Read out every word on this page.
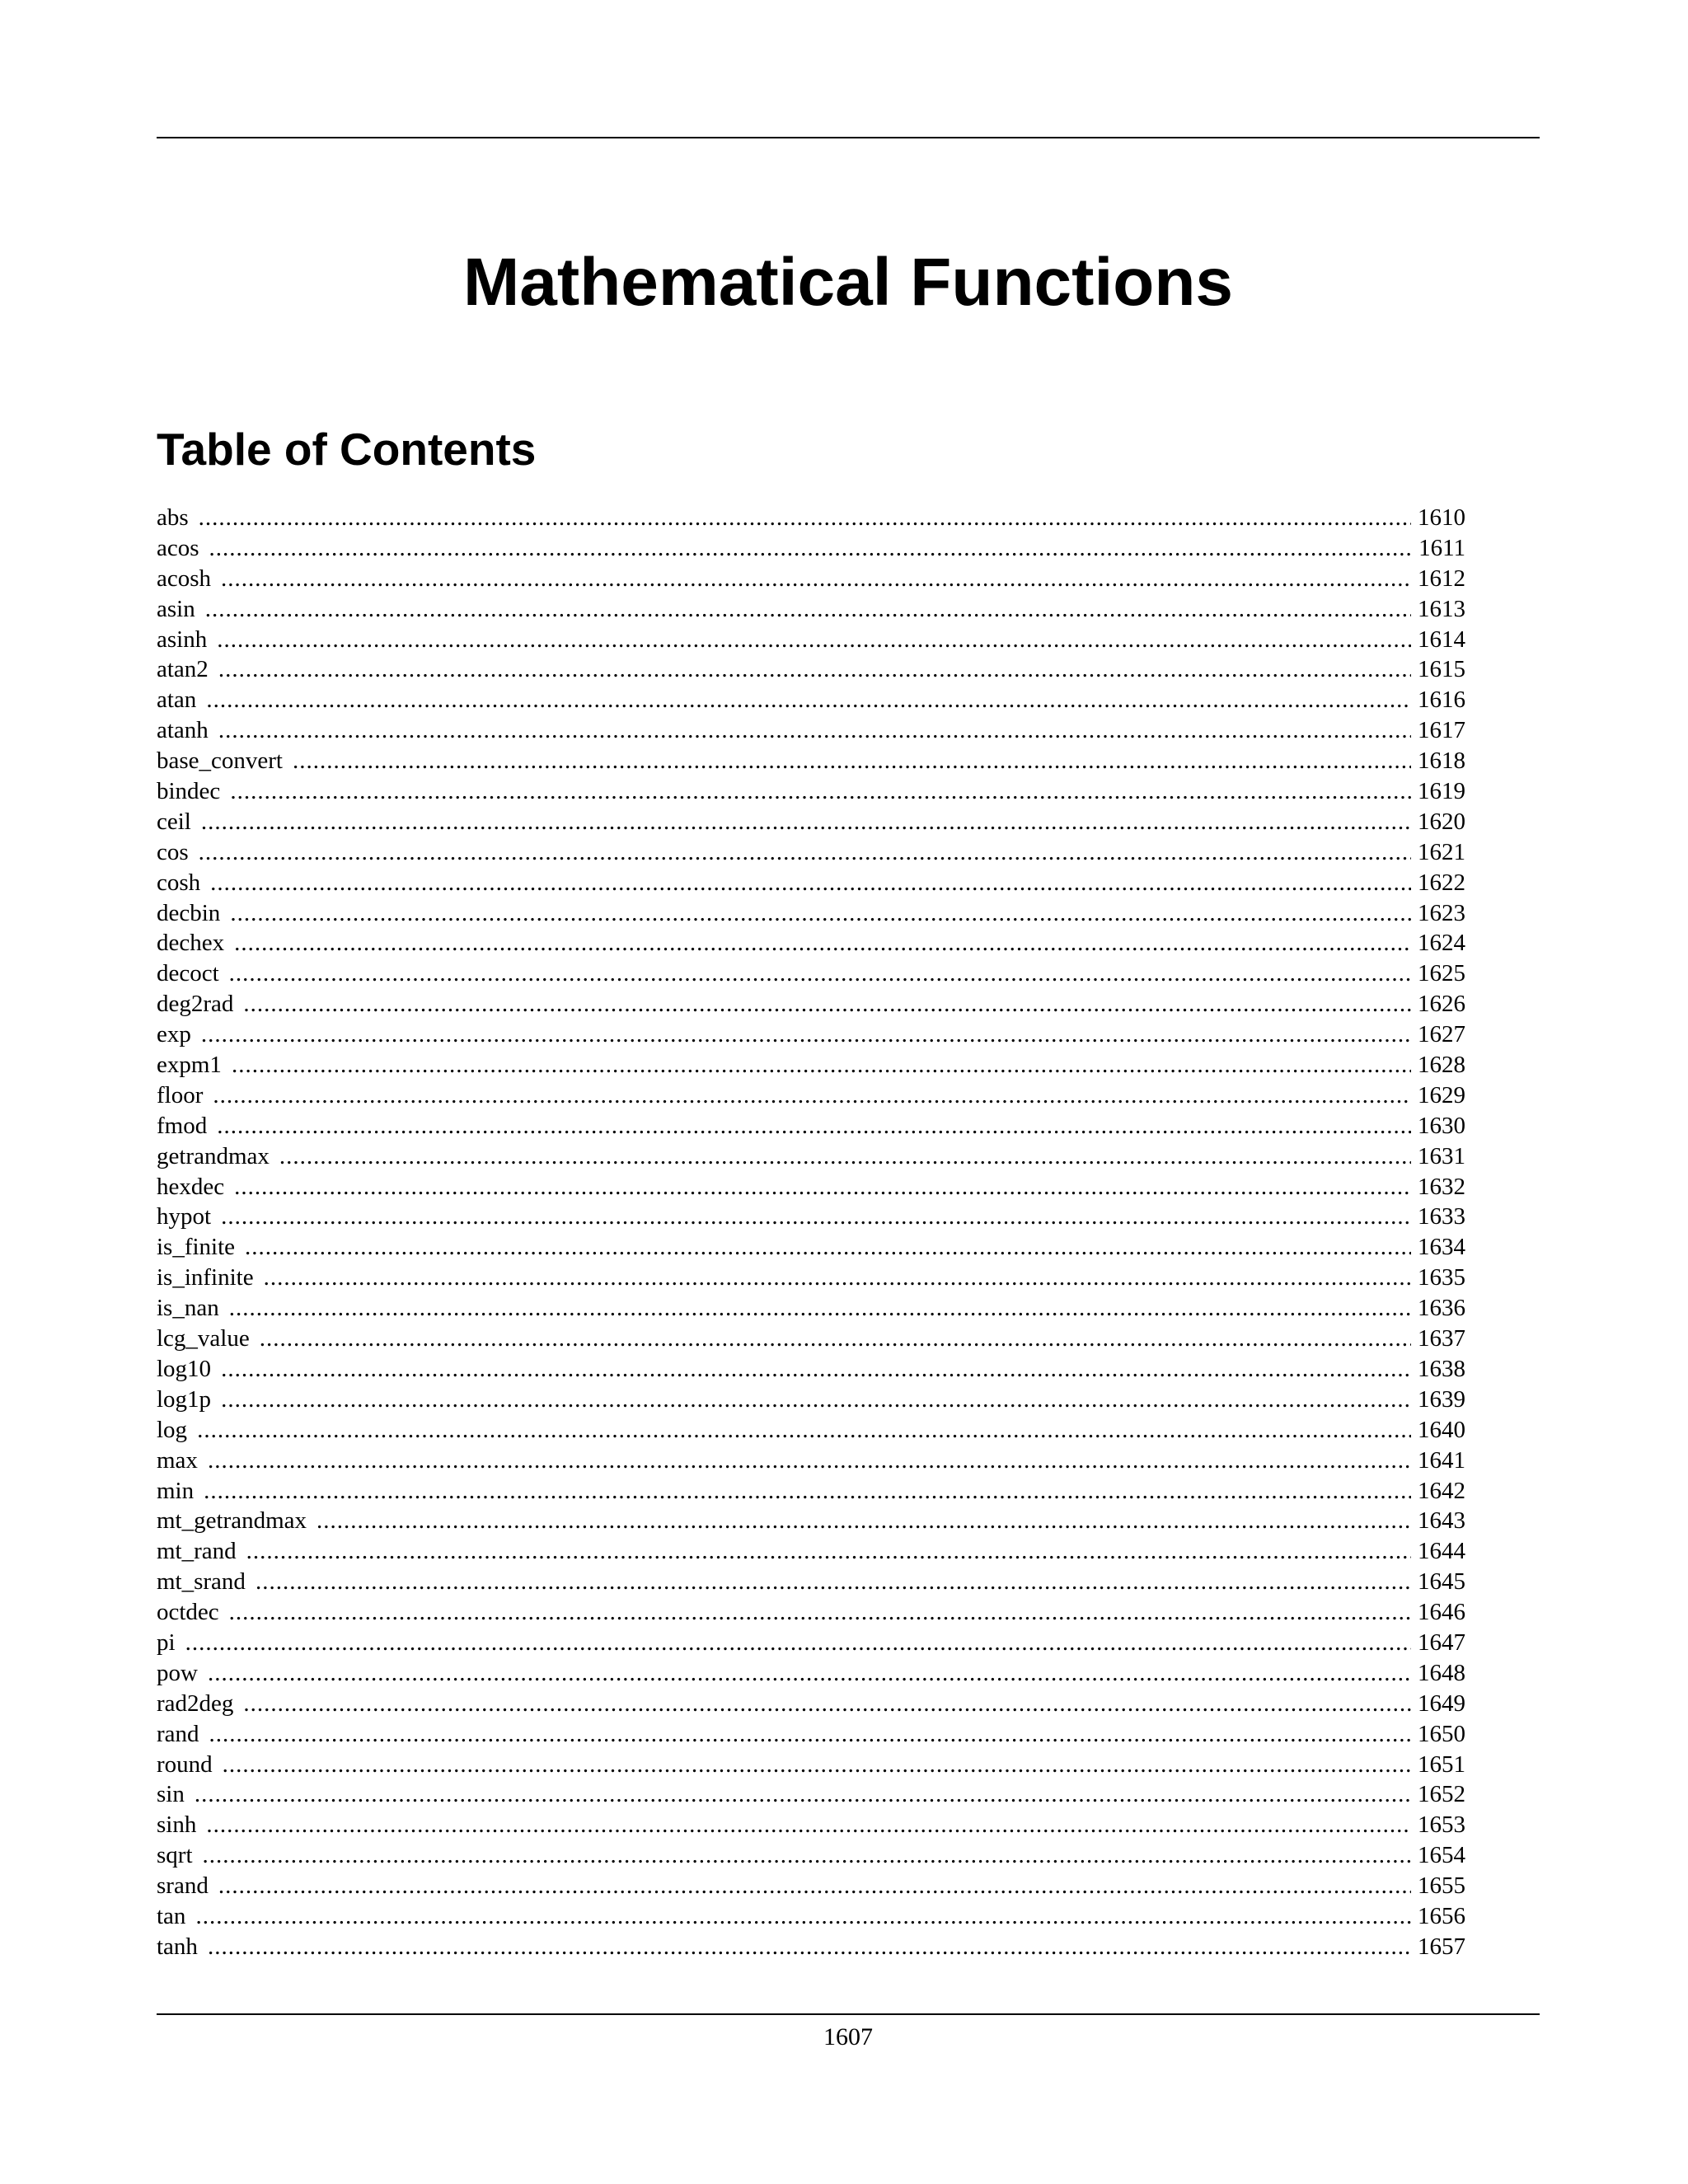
Mathematical Functions
Table of Contents
abs .....	1610
acos .....	1611
acosh .....	1612
asin .....	1613
asinh .....	1614
atan2 .....	1615
atan .....	1616
atanh .....	1617
base_convert .....	1618
bindec .....	1619
ceil .....	1620
cos .....	1621
cosh .....	1622
decbin .....	1623
dechex .....	1624
decoct .....	1625
deg2rad .....	1626
exp .....	1627
expm1 .....	1628
floor .....	1629
fmod .....	1630
getrandmax .....	1631
hexdec .....	1632
hypot .....	1633
is_finite .....	1634
is_infinite .....	1635
is_nan .....	1636
lcg_value .....	1637
log10 .....	1638
log1p .....	1639
log .....	1640
max .....	1641
min .....	1642
mt_getrandmax .....	1643
mt_rand .....	1644
mt_srand .....	1645
octdec .....	1646
pi .....	1647
pow .....	1648
rad2deg .....	1649
rand .....	1650
round .....	1651
sin .....	1652
sinh .....	1653
sqrt .....	1654
srand .....	1655
tan .....	1656
tanh .....	1657
1607
